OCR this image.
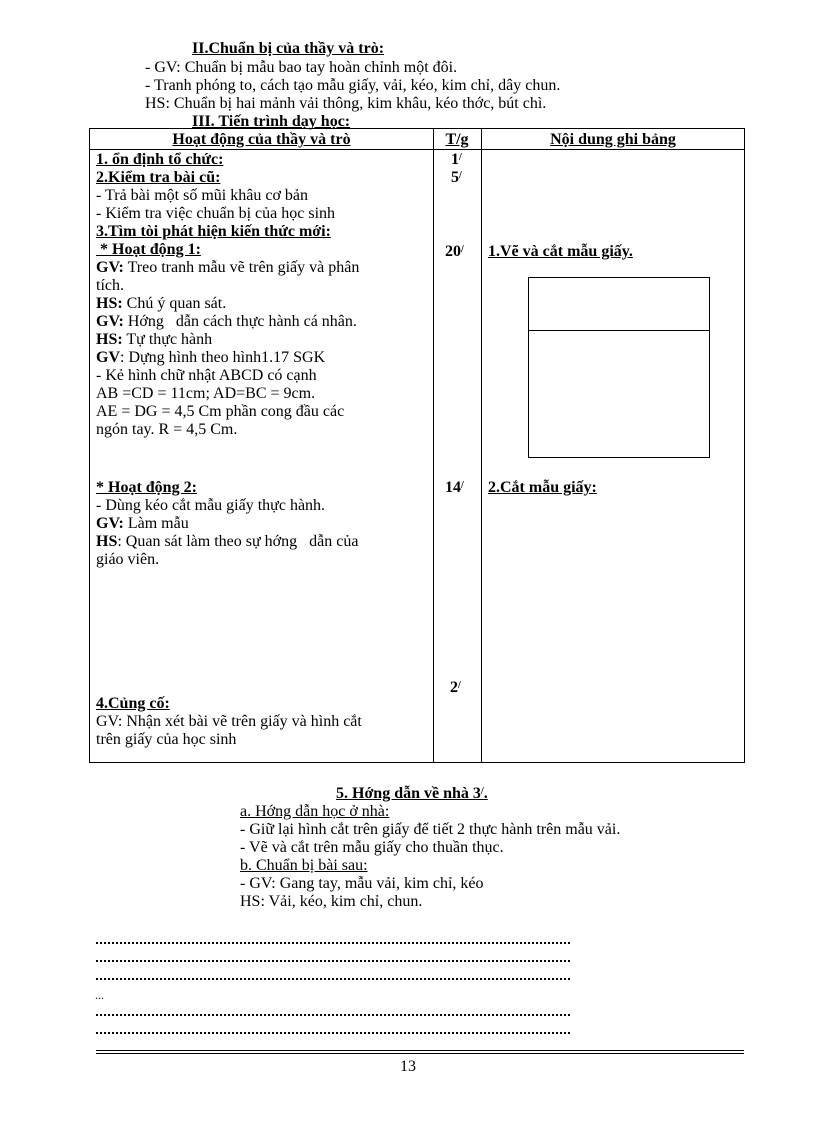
II.Chuẩn bị của thầy và trò:
- GV: Chuẩn bị mẫu bao tay hoàn chỉnh một đôi.
- Tranh phóng to, cách tạo mẫu giấy, vải, kéo, kim chỉ, dây chun.
HS: Chuẩn bị hai mảnh vải thông, kim khâu, kéo thớc, bút chì.
III. Tiến trình dạy học:
Hoạt động của thầy và trò	T/g	Nội dung ghi bảng
1. ổn định tổ chức:
2.Kiểm tra bài cũ:
- Trả bài một số mũi khâu cơ bản
- Kiểm tra việc chuẩn bị của học sinh
3.Tìm tòi phát hiện kiến thức mới:
* Hoạt động 1:
GV: Treo tranh mẫu vẽ trên giấy và phân
tích.
HS: Chú ý quan sát.
GV: Hớng   dẫn cách thực hành cá nhân.
HS: Tự thực hành
GV: Dựng hình theo hình1.17 SGK
- Kẻ hình chữ nhật ABCD có cạnh
AB =CD = 11cm; AD=BC = 9cm.
AE = DG = 4,5 Cm phần cong đầu các
ngón tay. R = 4,5 Cm.
* Hoạt động 2:
- Dùng kéo cắt mẫu giấy thực hành.
GV: Làm mẫu
HS: Quan sát làm theo sự hớng   dẫn của
giáo viên.
4.Củng cố:
GV: Nhận xét bài vẽ trên giấy và hình cắt
trên giấy của học sinh
1/
5/
20/
14/
2/
1.Vẽ và cắt mẫu giấy.
2.Cắt mẫu giấy:
5. Hớng dẫn về nhà 3/.
a. Hớng dẫn học ở nhà:
- Giữ lại hình cắt trên giấy để tiết 2 thực hành trên mẫu vải.
- Vẽ và cắt trên mẫu giấy cho thuần thục.
b. Chuẩn bị bài sau:
- GV: Gang tay, mẫu vải, kim chỉ, kéo
HS: Vải, kéo, kim chỉ, chun.
...
13
